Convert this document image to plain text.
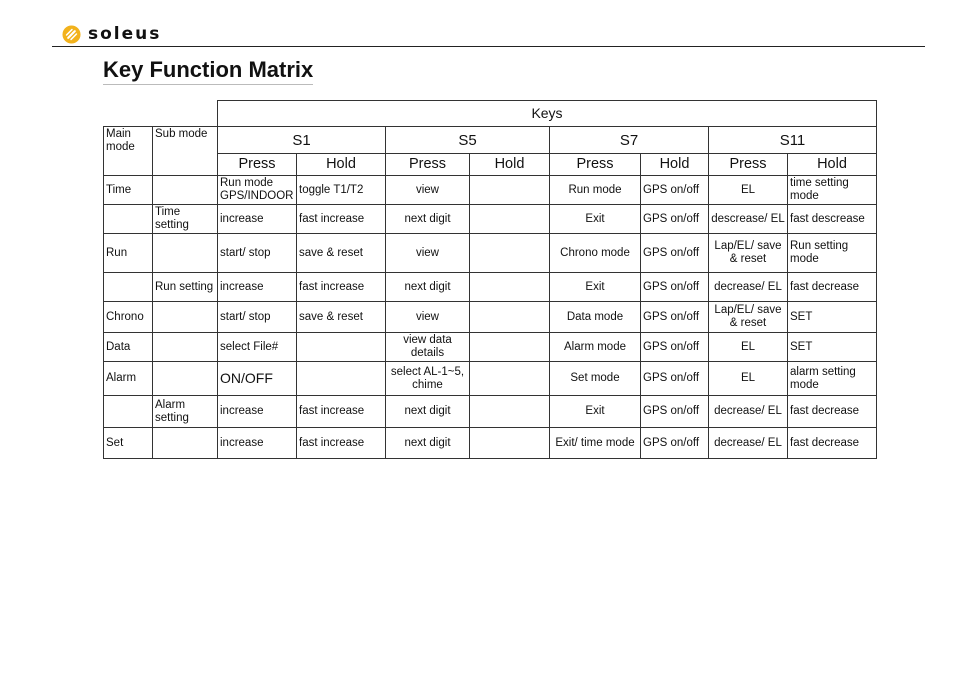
soleus
Key Function Matrix
		Keys							
Main mode	Sub mode	S1		S5		S7		S11	
		Press	Hold	Press	Hold	Press	Hold	Press	Hold
Time		Run mode GPS/INDOOR	toggle T1/T2	view		Run mode	GPS on/off	EL	time setting mode
	Time setting	increase	fast increase	next digit		Exit	GPS on/off	descrease/ EL	fast descrease
Run		start/ stop	save & reset	view		Chrono mode	GPS on/off	Lap/EL/ save & reset	Run setting mode
	Run setting	increase	fast increase	next digit		Exit	GPS on/off	decrease/ EL	fast decrease
Chrono		start/ stop	save & reset	view		Data mode	GPS on/off	Lap/EL/ save & reset	SET
Data		select File#		view data details		Alarm mode	GPS on/off	EL	SET
Alarm		ON/OFF		select AL-1~5, chime		Set mode	GPS on/off	EL	alarm setting mode
	Alarm setting	increase	fast increase	next digit		Exit	GPS on/off	decrease/ EL	fast decrease
Set		increase	fast increase	next digit		Exit/ time mode	GPS on/off	decrease/ EL	fast decrease
